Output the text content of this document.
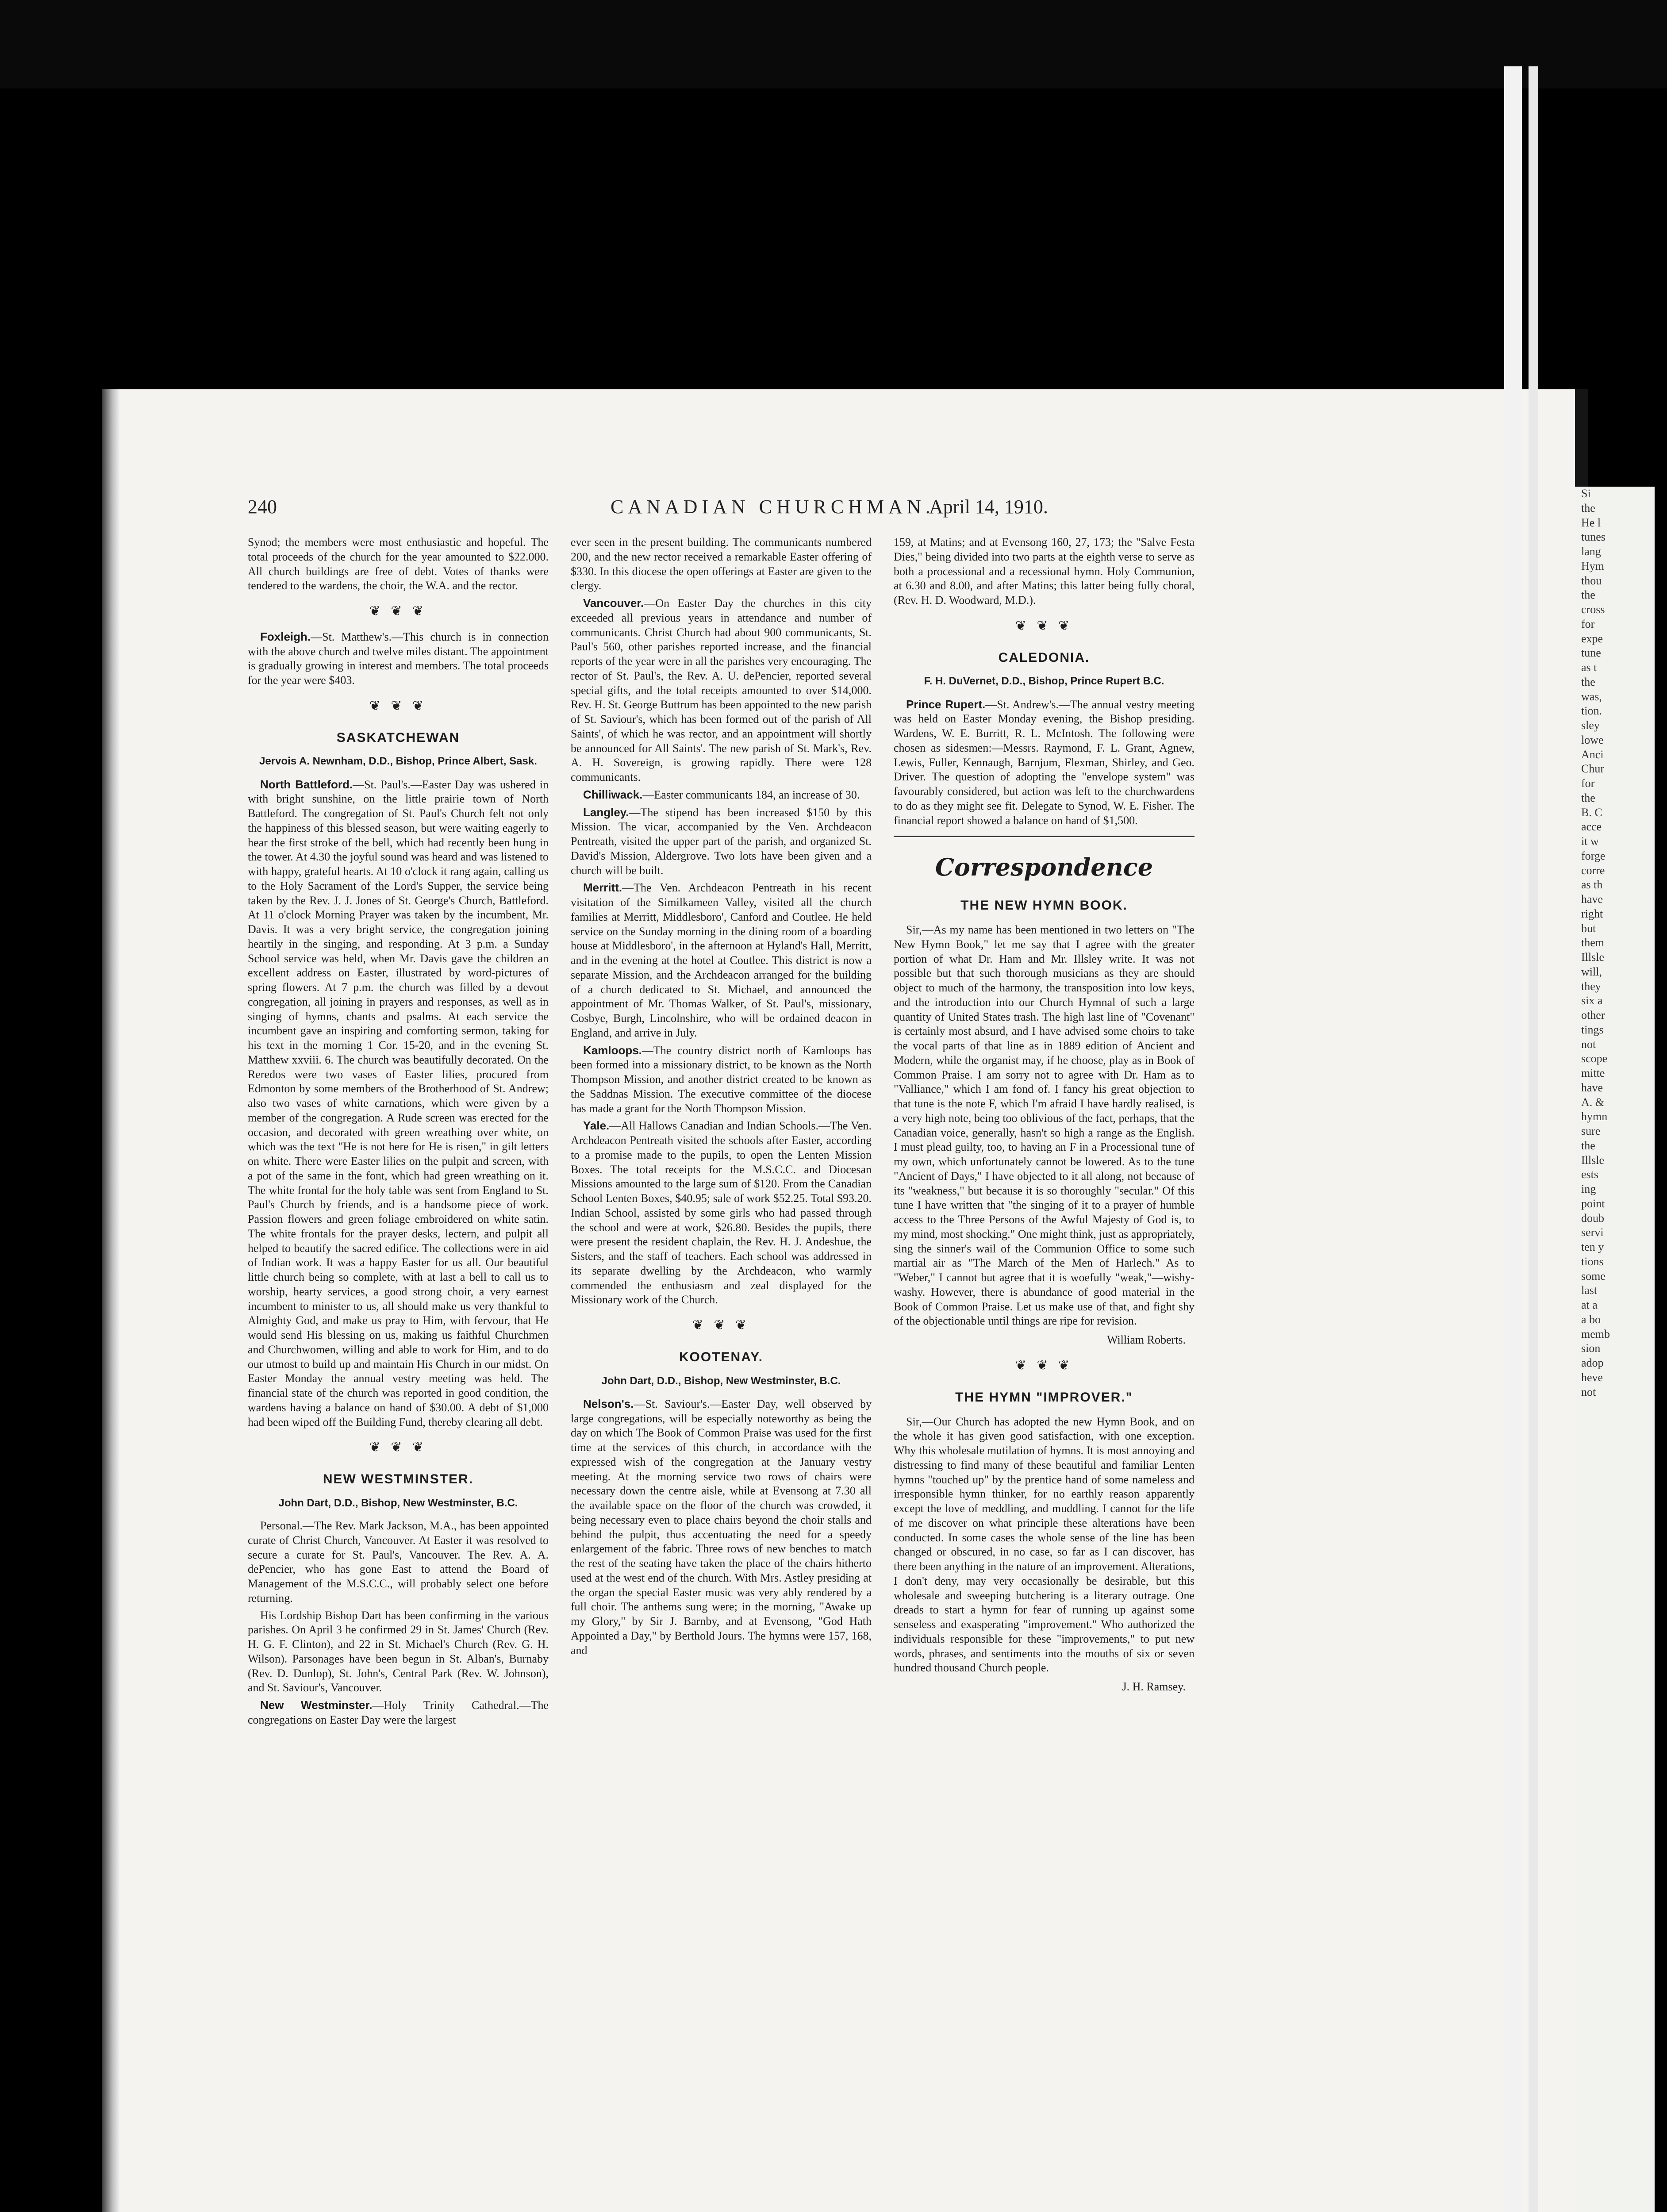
240	CANADIAN CHURCHMAN.
April 14, 1910.

Synod; the members were most enthusiastic and hopeful. The total proceeds of the church for the year amounted to $22.000. All church buildings are free of debt. Votes of thanks were tendered to the wardens, the choir, the W.A. and the rector.

❦ ❦ ❦

Foxleigh.—St. Matthew's.—This church is in connection with the above church and twelve miles distant. The appointment is gradually growing in interest and members. The total proceeds for the year were $403.

❦ ❦ ❦
SASKATCHEWAN
Jervois A. Newnham, D.D., Bishop, Prince Albert, Sask.

North Battleford.—St. Paul's.—Easter Day was ushered in with bright sunshine, on the little prairie town of North Battleford. The congregation of St. Paul's Church felt not only the happiness of this blessed season, but were waiting eagerly to hear the first stroke of the bell, which had recently been hung in the tower. At 4.30 the joyful sound was heard and was listened to with happy, grateful hearts. At 10 o'clock it rang again, calling us to the Holy Sacrament of the Lord's Supper, the service being taken by the Rev. J. J. Jones of St. George's Church, Battleford. At 11 o'clock Morning Prayer was taken by the incumbent, Mr. Davis. It was a very bright service, the congregation joining heartily in the singing, and responding. At 3 p.m. a Sunday School service was held, when Mr. Davis gave the children an excellent address on Easter, illustrated by word-pictures of spring flowers. At 7 p.m. the church was filled by a devout congregation, all joining in prayers and responses, as well as in singing of hymns, chants and psalms. At each service the incumbent gave an inspiring and comforting sermon, taking for his text in the morning 1 Cor. 15-20, and in the evening St. Matthew xxviii. 6. The church was beautifully decorated. On the Reredos were two vases of Easter lilies, procured from Edmonton by some members of the Brotherhood of St. Andrew; also two vases of white carnations, which were given by a member of the congregation. A Rude screen was erected for the occasion, and decorated with green wreathing over white, on which was the text "He is not here for He is risen," in gilt letters on white. There were Easter lilies on the pulpit and screen, with a pot of the same in the font, which had green wreathing on it. The white frontal for the holy table was sent from England to St. Paul's Church by friends, and is a handsome piece of work. Passion flowers and green foliage embroidered on white satin. The white frontals for the prayer desks, lectern, and pulpit all helped to beautify the sacred edifice. The collections were in aid of Indian work. It was a happy Easter for us all. Our beautiful little church being so complete, with at last a bell to call us to worship, hearty services, a good strong choir, a very earnest incumbent to minister to us, all should make us very thankful to Almighty God, and make us pray to Him, with fervour, that He would send His blessing on us, making us faithful Churchmen and Churchwomen, willing and able to work for Him, and to do our utmost to build up and maintain His Church in our midst. On Easter Monday the annual vestry meeting was held. The financial state of the church was reported in good condition, the wardens having a balance on hand of $30.00. A debt of $1,000 had been wiped off the Building Fund, thereby clearing all debt.

❦ ❦ ❦
NEW WESTMINSTER.
John Dart, D.D., Bishop, New Westminster, B.C.

Personal.—The Rev. Mark Jackson, M.A., has been appointed curate of Christ Church, Vancouver. At Easter it was resolved to secure a curate for St. Paul's, Vancouver. The Rev. A. A. dePencier, who has gone East to attend the Board of Management of the M.S.C.C., will probably select one before returning.

His Lordship Bishop Dart has been confirming in the various parishes. On April 3 he confirmed 29 in St. James' Church (Rev. H. G. F. Clinton), and 22 in St. Michael's Church (Rev. G. H. Wilson). Parsonages have been begun in St. Alban's, Burnaby (Rev. D. Dunlop), St. John's, Central Park (Rev. W. Johnson), and St. Saviour's, Vancouver.

New Westminster.—Holy Trinity Cathedral.—The congregations on Easter Day were the largest

ever seen in the present building. The communicants numbered 200, and the new rector received a remarkable Easter offering of $330. In this diocese the open offerings at Easter are given to the clergy.

Vancouver.—On Easter Day the churches in this city exceeded all previous years in attendance and number of communicants. Christ Church had about 900 communicants, St. Paul's 560, other parishes reported increase, and the financial reports of the year were in all the parishes very encouraging. The rector of St. Paul's, the Rev. A. U. dePencier, reported several special gifts, and the total receipts amounted to over $14,000. Rev. H. St. George Buttrum has been appointed to the new parish of St. Saviour's, which has been formed out of the parish of All Saints', of which he was rector, and an appointment will shortly be announced for All Saints'. The new parish of St. Mark's, Rev. A. H. Sovereign, is growing rapidly. There were 128 communicants.

Chilliwack.—Easter communicants 184, an increase of 30.

Langley.—The stipend has been increased $150 by this Mission. The vicar, accompanied by the Ven. Archdeacon Pentreath, visited the upper part of the parish, and organized St. David's Mission, Aldergrove. Two lots have been given and a church will be built.

Merritt.—The Ven. Archdeacon Pentreath in his recent visitation of the Similkameen Valley, visited all the church families at Merritt, Middlesboro', Canford and Coutlee. He held service on the Sunday morning in the dining room of a boarding house at Middlesboro', in the afternoon at Hyland's Hall, Merritt, and in the evening at the hotel at Coutlee. This district is now a separate Mission, and the Archdeacon arranged for the building of a church dedicated to St. Michael, and announced the appointment of Mr. Thomas Walker, of St. Paul's, missionary, Cosbye, Burgh, Lincolnshire, who will be ordained deacon in England, and arrive in July.

Kamloops.—The country district north of Kamloops has been formed into a missionary district, to be known as the North Thompson Mission, and another district created to be known as the Saddnas Mission. The executive committee of the diocese has made a grant for the North Thompson Mission.

Yale.—All Hallows Canadian and Indian Schools.—The Ven. Archdeacon Pentreath visited the schools after Easter, according to a promise made to the pupils, to open the Lenten Mission Boxes. The total receipts for the M.S.C.C. and Diocesan Missions amounted to the large sum of $120. From the Canadian School Lenten Boxes, $40.95; sale of work $52.25. Total $93.20. Indian School, assisted by some girls who had passed through the school and were at work, $26.80. Besides the pupils, there were present the resident chaplain, the Rev. H. J. Andeshue, the Sisters, and the staff of teachers. Each school was addressed in its separate dwelling by the Archdeacon, who warmly commended the enthusiasm and zeal displayed for the Missionary work of the Church.

❦ ❦ ❦
KOOTENAY.
John Dart, D.D., Bishop, New Westminster, B.C.

Nelson's.—St. Saviour's.—Easter Day, well observed by large congregations, will be especially noteworthy as being the day on which The Book of Common Praise was used for the first time at the services of this church, in accordance with the expressed wish of the congregation at the January vestry meeting. At the morning service two rows of chairs were necessary down the centre aisle, while at Evensong at 7.30 all the available space on the floor of the church was crowded, it being necessary even to place chairs beyond the choir stalls and behind the pulpit, thus accentuating the need for a speedy enlargement of the fabric. Three rows of new benches to match the rest of the seating have taken the place of the chairs hitherto used at the west end of the church. With Mrs. Astley presiding at the organ the special Easter music was very ably rendered by a full choir. The anthems sung were; in the morning, "Awake up my Glory," by Sir J. Barnby, and at Evensong, "God Hath Appointed a Day," by Berthold Jours. The hymns were 157, 168, and

159, at Matins; and at Evensong 160, 27, 173; the "Salve Festa Dies," being divided into two parts at the eighth verse to serve as both a processional and a recessional hymn. Holy Communion, at 6.30 and 8.00, and after Matins; this latter being fully choral, (Rev. H. D. Woodward, M.D.).

❦ ❦ ❦
CALEDONIA.
F. H. DuVernet, D.D., Bishop, Prince Rupert B.C.

Prince Rupert.—St. Andrew's.—The annual vestry meeting was held on Easter Monday evening, the Bishop presiding. Wardens, W. E. Burritt, R. L. McIntosh. The following were chosen as sidesmen:—Messrs. Raymond, F. L. Grant, Agnew, Lewis, Fuller, Kennaugh, Barnjum, Flexman, Shirley, and Geo. Driver. The question of adopting the "envelope system" was favourably considered, but action was left to the churchwardens to do as they might see fit. Delegate to Synod, W. E. Fisher. The financial report showed a balance on hand of $1,500.

Correspondence
THE NEW HYMN BOOK.

Sir,—As my name has been mentioned in two letters on "The New Hymn Book," let me say that I agree with the greater portion of what Dr. Ham and Mr. Illsley write. It was not possible but that such thorough musicians as they are should object to much of the harmony, the transposition into low keys, and the introduction into our Church Hymnal of such a large quantity of United States trash. The high last line of "Covenant" is certainly most absurd, and I have advised some choirs to take the vocal parts of that line as in 1889 edition of Ancient and Modern, while the organist may, if he choose, play as in Book of Common Praise. I am sorry not to agree with Dr. Ham as to "Valliance," which I am fond of. I fancy his great objection to that tune is the note F, which I'm afraid I have hardly realised, is a very high note, being too oblivious of the fact, perhaps, that the Canadian voice, generally, hasn't so high a range as the English. I must plead guilty, too, to having an F in a Processional tune of my own, which unfortunately cannot be lowered. As to the tune "Ancient of Days," I have objected to it all along, not because of its "weakness," but because it is so thoroughly "secular." Of this tune I have written that "the singing of it to a prayer of humble access to the Three Persons of the Awful Majesty of God is, to my mind, most shocking." One might think, just as appropriately, sing the sinner's wail of the Communion Office to some such martial air as "The March of the Men of Harlech." As to "Weber," I cannot but agree that it is woefully "weak,"—wishy-washy. However, there is abundance of good material in the Book of Common Praise. Let us make use of that, and fight shy of the objectionable until things are ripe for revision.

William Roberts.

❦ ❦ ❦
THE HYMN "IMPROVER."

Sir,—Our Church has adopted the new Hymn Book, and on the whole it has given good satisfaction, with one exception. Why this wholesale mutilation of hymns. It is most annoying and distressing to find many of these beautiful and familiar Lenten hymns "touched up" by the prentice hand of some nameless and irresponsible hymn thinker, for no earthly reason apparently except the love of meddling, and muddling. I cannot for the life of me discover on what principle these alterations have been conducted. In some cases the whole sense of the line has been changed or obscured, in no case, so far as I can discover, has there been anything in the nature of an improvement. Alterations, I don't deny, may very occasionally be desirable, but this wholesale and sweeping butchering is a literary outrage. One dreads to start a hymn for fear of running up against some senseless and exasperating "improvement." Who authorized the individuals responsible for these "improvements," to put new words, phrases, and sentiments into the mouths of six or seven hundred thousand Church people.

J. H. Ramsey.

Si
the
He l
tunes
lang
Hym
thou
the
cross
for
expe
tune
as t
the
was,
tion.
sley
lowe
Anci
Chur
for
the
B. C
acce
it w
forge
corre
as th
have
right
but
them
Illsle
will,
they
six a
other
tings
not
scope
mitte
have
A. &
hymn
sure
the
Illsle
ests
ing
point
doub
servi
ten y
tions
some
last
at a
a bo
memb
sion
adop
heve
not
